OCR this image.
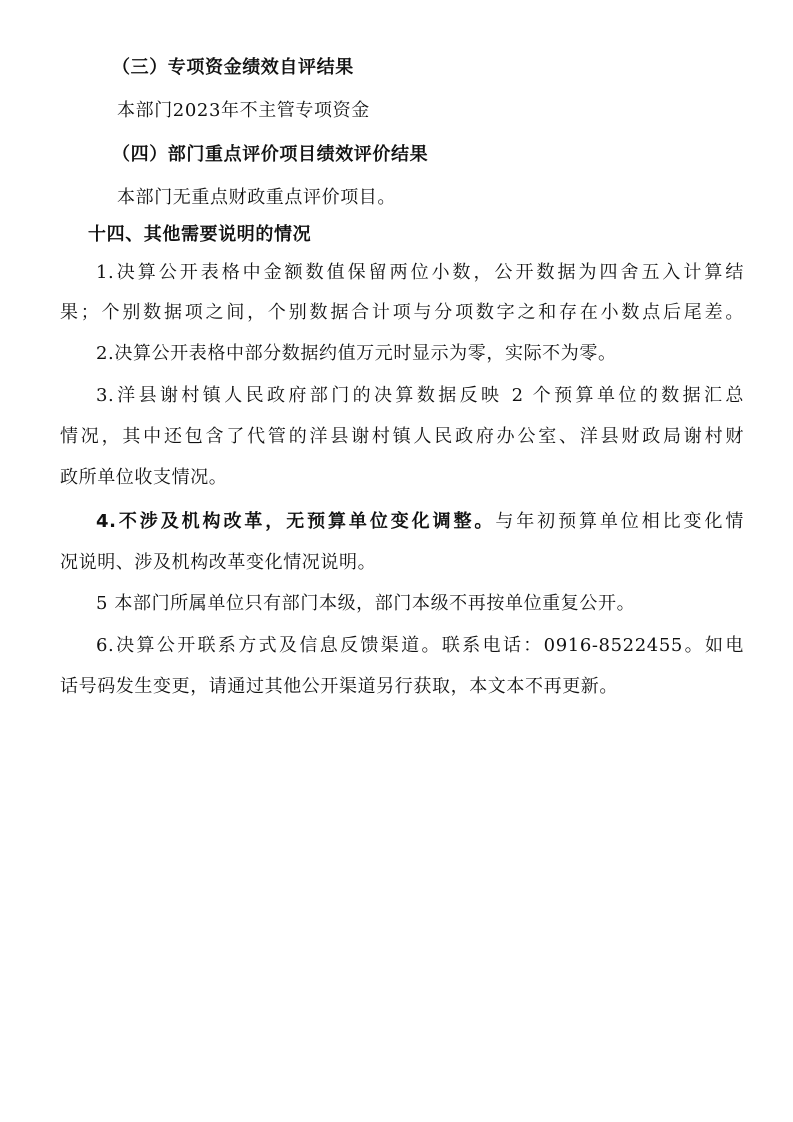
（三）专项资金绩效自评结果
本部门2023年不主管专项资金
（四）部门重点评价项目绩效评价结果
本部门无重点财政重点评价项目。
十四、其他需要说明的情况
1.决算公开表格中金额数值保留两位小数，公开数据为四舍五入计算结
果；个别数据项之间，个别数据合计项与分项数字之和存在小数点后尾差。
2.决算公开表格中部分数据约值万元时显示为零，实际不为零。
3.洋县谢村镇人民政府部门的决算数据反映 2 个预算单位的数据汇总
情况，其中还包含了代管的洋县谢村镇人民政府办公室、洋县财政局谢村财
政所单位收支情况。
4.不涉及机构改革，无预算单位变化调整。与年初预算单位相比变化情
况说明、涉及机构改革变化情况说明。
5 本部门所属单位只有部门本级，部门本级不再按单位重复公开。
6.决算公开联系方式及信息反馈渠道。联系电话：0916-8522455。如电
话号码发生变更，请通过其他公开渠道另行获取，本文本不再更新。
